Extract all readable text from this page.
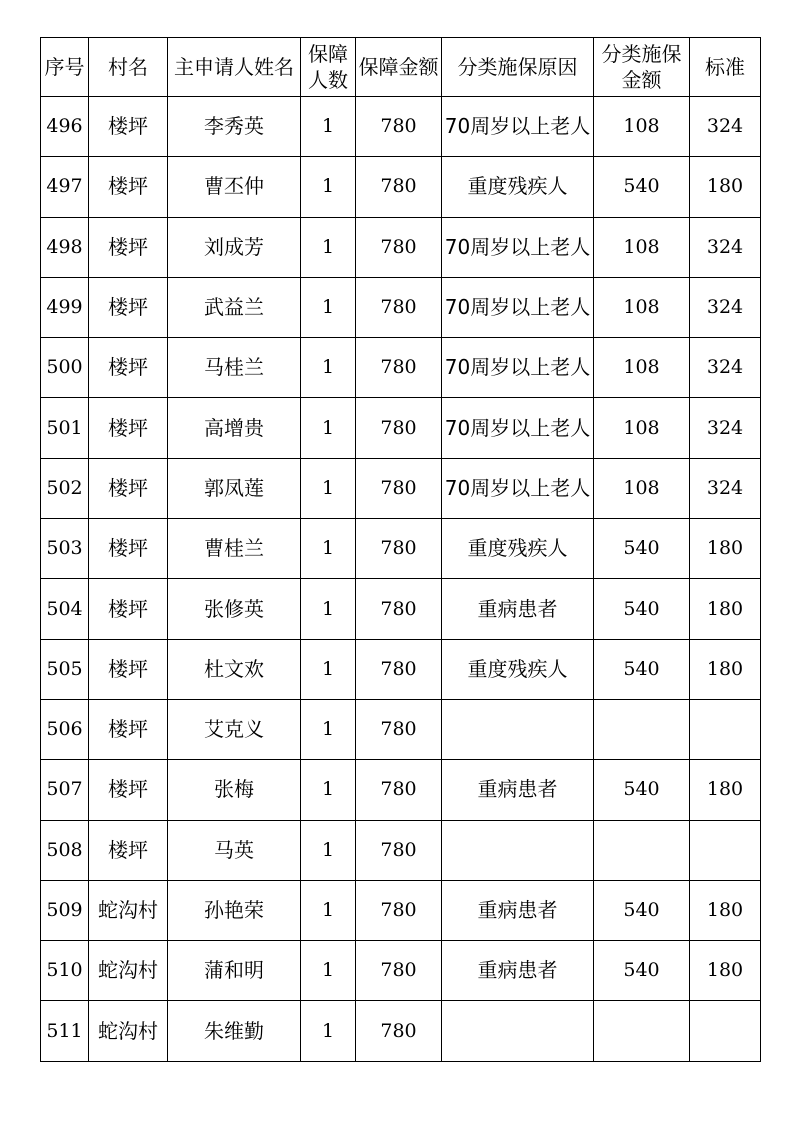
序号	村名	主申请人姓名	保障人数	保障金额	分类施保原因	分类施保金额	标准
496	楼坪	李秀英	1	780	70周岁以上老人	108	324
497	楼坪	曹丕仲	1	780	重度残疾人	540	180
498	楼坪	刘成芳	1	780	70周岁以上老人	108	324
499	楼坪	武益兰	1	780	70周岁以上老人	108	324
500	楼坪	马桂兰	1	780	70周岁以上老人	108	324
501	楼坪	高增贵	1	780	70周岁以上老人	108	324
502	楼坪	郭凤莲	1	780	70周岁以上老人	108	324
503	楼坪	曹桂兰	1	780	重度残疾人	540	180
504	楼坪	张修英	1	780	重病患者	540	180
505	楼坪	杜文欢	1	780	重度残疾人	540	180
506	楼坪	艾克义	1	780			
507	楼坪	张梅	1	780	重病患者	540	180
508	楼坪	马英	1	780			
509	蛇沟村	孙艳荣	1	780	重病患者	540	180
510	蛇沟村	蒲和明	1	780	重病患者	540	180
511	蛇沟村	朱维勤	1	780			
